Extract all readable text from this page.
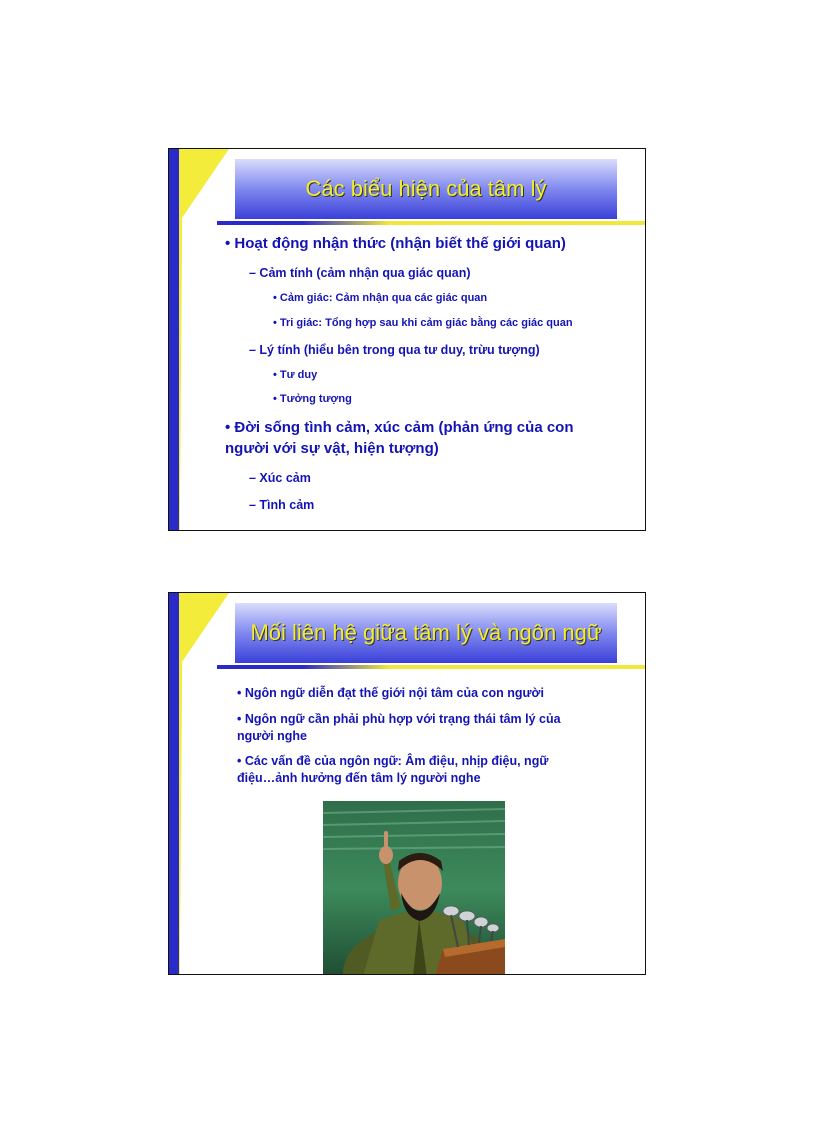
Các biểu hiện của tâm lý
• Hoạt động nhận thức (nhận biết thế giới quan)
– Cảm tính (cảm nhận qua giác quan)
• Cảm giác: Cảm nhận qua các giác quan
• Tri giác: Tổng hợp sau khi cảm giác bằng các giác quan
– Lý tính (hiểu bên trong qua tư duy, trừu tượng)
• Tư duy
• Tưởng tượng
• Đời sống tình cảm, xúc cảm (phản ứng của con
người với sự vật, hiện tượng)
– Xúc cảm
– Tình cảm
Mối liên hệ giữa tâm lý và ngôn ngữ
• Ngôn ngữ diễn đạt thế giới nội tâm của con người
• Ngôn ngữ cần phải phù hợp với trạng thái tâm lý của
người nghe
• Các vấn đề của ngôn ngữ: Âm điệu, nhịp điệu, ngữ
điệu…ảnh hưởng đến tâm lý người nghe
